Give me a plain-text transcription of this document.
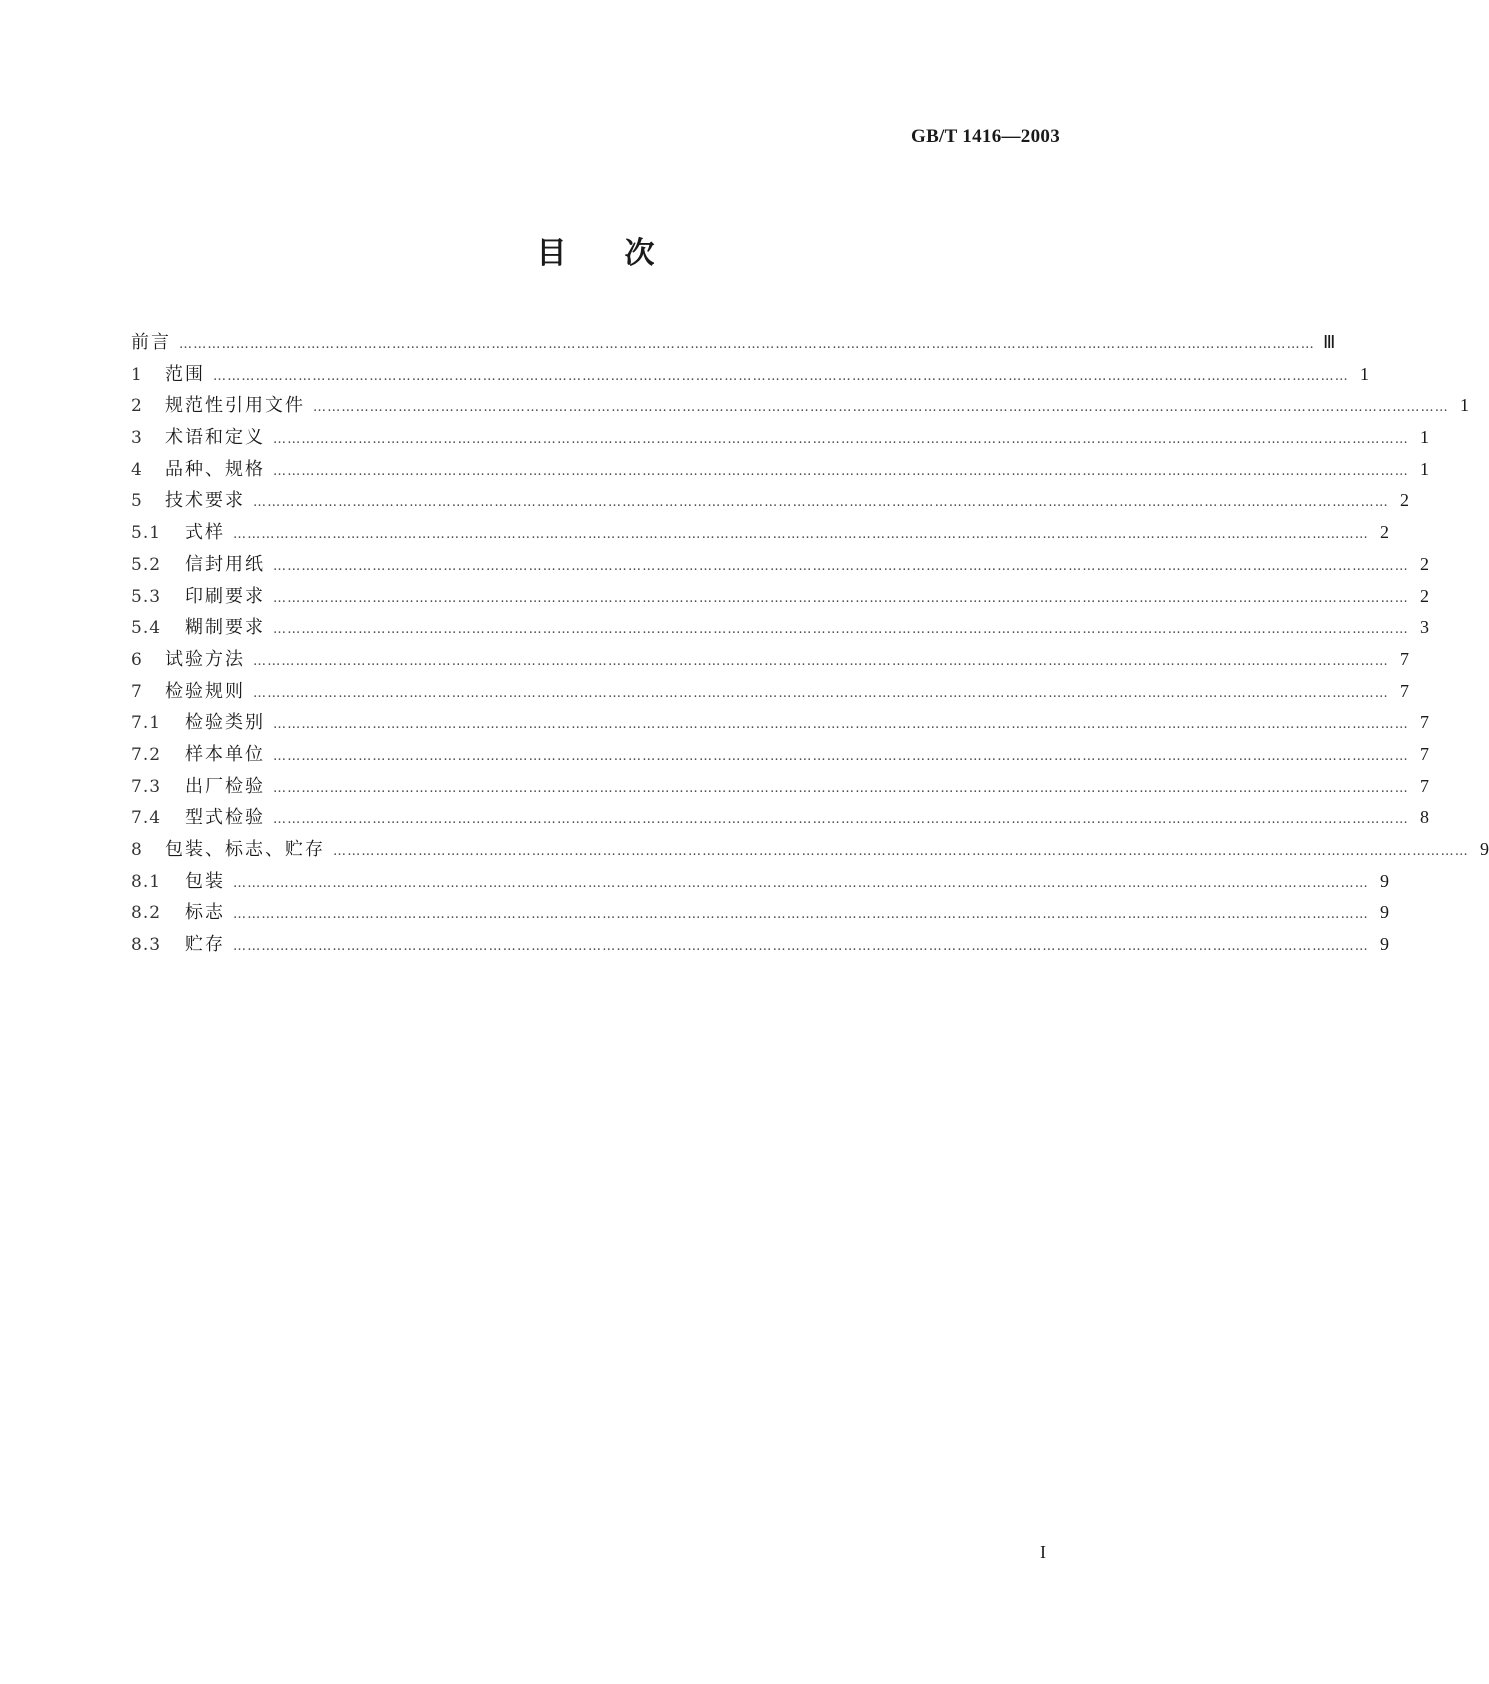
GB/T 1416—2003
目次
前言 …………………………………………………………………………………………………………………………………………………………………………………………………………………… Ⅲ
1	范围 …………………………………………………………………………………………………………………………………………………………………………………………………………………… 1
2	规范性引用文件 …………………………………………………………………………………………………………………………………………………………………………………………………………………… 1
3	术语和定义 …………………………………………………………………………………………………………………………………………………………………………………………………………………… 1
4	品种、规格 …………………………………………………………………………………………………………………………………………………………………………………………………………………… 1
5	技术要求 …………………………………………………………………………………………………………………………………………………………………………………………………………………… 2
5.1	式样 …………………………………………………………………………………………………………………………………………………………………………………………………………………… 2
5.2	信封用纸 …………………………………………………………………………………………………………………………………………………………………………………………………………………… 2
5.3	印刷要求 …………………………………………………………………………………………………………………………………………………………………………………………………………………… 2
5.4	糊制要求 …………………………………………………………………………………………………………………………………………………………………………………………………………………… 3
6	试验方法 …………………………………………………………………………………………………………………………………………………………………………………………………………………… 7
7	检验规则 …………………………………………………………………………………………………………………………………………………………………………………………………………………… 7
7.1	检验类别 …………………………………………………………………………………………………………………………………………………………………………………………………………………… 7
7.2	样本单位 …………………………………………………………………………………………………………………………………………………………………………………………………………………… 7
7.3	出厂检验 …………………………………………………………………………………………………………………………………………………………………………………………………………………… 7
7.4	型式检验 …………………………………………………………………………………………………………………………………………………………………………………………………………………… 8
8	包装、标志、贮存 …………………………………………………………………………………………………………………………………………………………………………………………………………………… 9
8.1	包装 …………………………………………………………………………………………………………………………………………………………………………………………………………………… 9
8.2	标志 …………………………………………………………………………………………………………………………………………………………………………………………………………………… 9
8.3	贮存 …………………………………………………………………………………………………………………………………………………………………………………………………………………… 9
I
